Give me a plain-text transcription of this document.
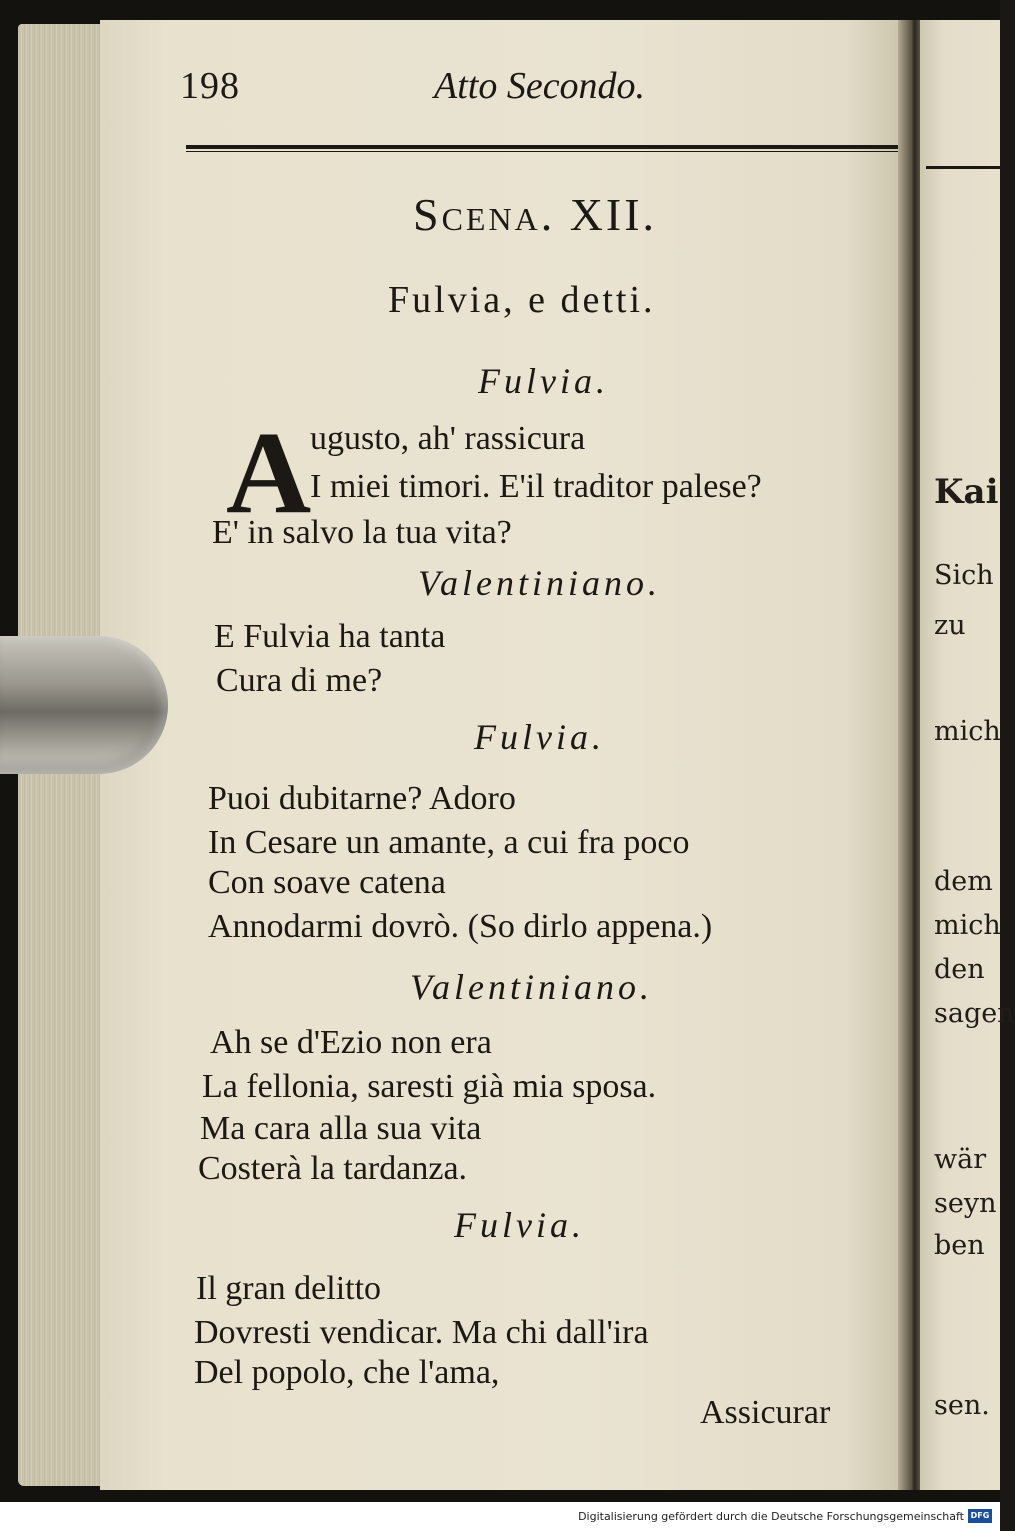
Kai
Sich
zu
mich
dem
mich
den
sagen
wär
seyn
ben
sen.
198	Atto Secondo.
Scena. XII.
Fulvia, e detti.
Fulvia.
A
ugusto, ah' rassicura
I miei timori. E'il traditor palese?
E' in salvo la tua vita?
Valentiniano.
E Fulvia ha tanta
Cura di me?
Fulvia.
Puoi dubitarne? Adoro
In Cesare un amante, a cui fra poco
Con soave catena
Annodarmi dovrò. (So dirlo appena.)
Valentiniano.
Ah se d'Ezio non era
La fellonia, saresti già mia sposa.
Ma cara alla sua vita
Costerà la tardanza.
Fulvia.
Il gran delitto
Dovresti vendicar. Ma chi dall'ira
Del popolo, che l'ama,
Assicurar
Digitalisierung gefördert durch die Deutsche Forschungsgemeinschaft DFG
